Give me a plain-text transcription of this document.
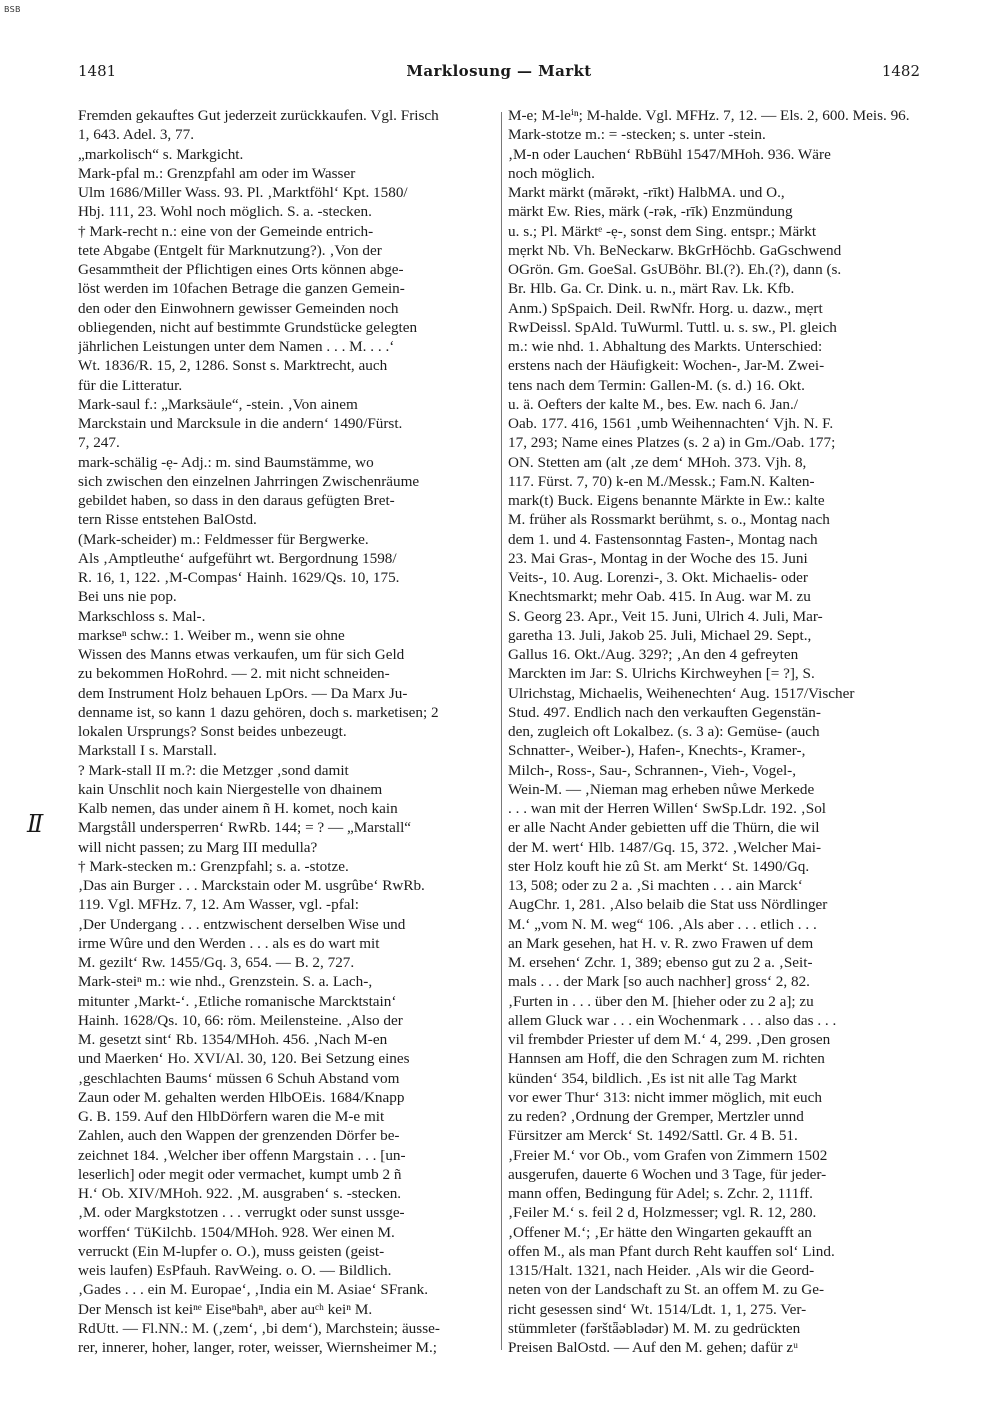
BSB
1481	Marklosung — Markt	1482
Ⅱ
Fremden gekauftes Gut jederzeit zurückkaufen. Vgl. Frisch
1, 643. Adel. 3, 77.
„markolisch“ s. Markgicht.
Mark-pfal m.: Grenzpfahl am oder im Wasser
Ulm 1686/Miller Wass. 93. Pl. ‚Marktföhl‘ Kpt. 1580/
Hbj. 111, 23. Wohl noch möglich. S. a. -stecken.
† Mark-recht n.: eine von der Gemeinde entrich-
tete Abgabe (Entgelt für Marknutzung?). ‚Von der
Gesammtheit der Pflichtigen eines Orts können abge-
löst werden im 10fachen Betrage die ganzen Gemein-
den oder den Einwohnern gewisser Gemeinden noch
obliegenden, nicht auf bestimmte Grundstücke gelegten
jährlichen Leistungen unter dem Namen . . . M. . . .‘
Wt. 1836/R. 15, 2, 1286. Sonst s. Marktrecht, auch
für die Litteratur.
Mark-saul f.: „Marksäule“, -stein. ‚Von ainem
Marckstain und Marcksule in die andern‘ 1490/Fürst.
7, 247.
mark-schälig -ẹ- Adj.: m. sind Baumstämme, wo
sich zwischen den einzelnen Jahrringen Zwischenräume
gebildet haben, so dass in den daraus gefügten Bret-
tern Risse entstehen BalOstd.
(Mark-scheider) m.: Feldmesser für Bergwerke.
Als ‚Amptleuthe‘ aufgeführt wt. Bergordnung 1598/
R. 16, 1, 122. ‚M-Compas‘ Hainh. 1629/Qs. 10, 175.
Bei uns nie pop.
Markschloss s. Mal-.
markseⁿ schw.: 1. Weiber m., wenn sie ohne
Wissen des Manns etwas verkaufen, um für sich Geld
zu bekommen HoRohrd. — 2. mit nicht schneiden-
dem Instrument Holz behauen LpOrs. — Da Marx Ju-
denname ist, so kann 1 dazu gehören, doch s. marketisen; 2
lokalen Ursprungs? Sonst beides unbezeugt.
Markstall I s. Marstall.
? Mark-stall II m.?: die Metzger ‚sond damit
kain Unschlit noch kain Niergestelle von dhainem
Kalb nemen, das under ainem ñ H. komet, noch kain
Margståll undersperren‘ RwRb. 144; = ? — „Marstall“
will nicht passen; zu Marg III medulla?
† Mark-stecken m.: Grenzpfahl; s. a. -stotze.
‚Das ain Burger . . . Marckstain oder M. usgrûbe‘ RwRb.
119. Vgl. MFHz. 7, 12. Am Wasser, vgl. -pfal:
‚Der Undergang . . . entzwischent derselben Wise und
irme Wûre und den Werden . . . als es do wart mit
M. gezilt‘ Rw. 1455/Gq. 3, 654. — B. 2, 727.
Mark-steiⁿ m.: wie nhd., Grenzstein. S. a. Lach-,
mitunter ‚Markt-‘. ‚Etliche romanische Marcktstain‘
Hainh. 1628/Qs. 10, 66: röm. Meilensteine. ‚Also der
M. gesetzt sint‘ Rb. 1354/MHoh. 456. ‚Nach M-en
und Maerken‘ Ho. XVI/Al. 30, 120. Bei Setzung eines
‚geschlachten Baums‘ müssen 6 Schuh Abstand vom
Zaun oder M. gehalten werden HlbOEis. 1684/Knapp
G. B. 159. Auf den HlbDörfern waren die M-e mit
Zahlen, auch den Wappen der grenzenden Dörfer be-
zeichnet 184. ‚Welcher iber offenn Margstain . . . [un-
leserlich] oder megit oder vermachet, kumpt umb 2 ñ
H.‘ Ob. XIV/MHoh. 922. ‚M. ausgraben‘ s. -stecken.
‚M. oder Margkstotzen . . . verrugkt oder sunst ussge-
worffen‘ TüKilchb. 1504/MHoh. 928. Wer einen M.
verruckt (Ein M-lupfer o. O.), muss geisten (geist-
weis laufen) EsPfauh. RavWeing. o. O. — Bildlich.
‚Gades . . . ein M. Europae‘, ‚India ein M. Asiae‘ SFrank.
Der Mensch ist keiⁿᵉ Eiseⁿbahⁿ, aber auᶜʰ keiⁿ M.
RdUtt. — Fl.NN.: M. (‚zem‘, ‚bi dem‘), Marchstein; äusse-
rer, innerer, hoher, langer, roter, weisser, Wiernsheimer M.;
M-e; M-leⁱⁿ; M-halde. Vgl. MFHz. 7, 12. — Els. 2, 600. Meis. 96.
Mark-stotze m.: = -stecken; s. unter -stein.
‚M-n oder Lauchen‘ RbBühl 1547/MHoh. 936. Wäre
noch möglich.
Markt märkt (mărəkt, -rīkt) HalbMA. und O.,
märkt Ew. Ries, märk (-rək, -rīk) Enzmündung
u. s.; Pl. Märktᵉ -ẹ-, sonst dem Sing. entspr.; Märkt
mẹrkt Nb. Vh. BeNeckarw. BkGrHöchb. GaGschwend
OGrön. Gm. GoeSal. GsUBöhr. Bl.(?). Eh.(?), dann (s.
Br. Hlb. Ga. Cr. Dink. u. n., märt Rav. Lk. Kfb.
Anm.) SpSpaich. Deil. RwNfr. Horg. u. dazw., mẹrt
RwDeissl. SpAld. TuWurml. Tuttl. u. s. sw., Pl. gleich
m.: wie nhd. 1. Abhaltung des Markts. Unterschied:
erstens nach der Häufigkeit: Wochen-, Jar-M. Zwei-
tens nach dem Termin: Gallen-M. (s. d.) 16. Okt.
u. ä. Oefters der kalte M., bes. Ew. nach 6. Jan./
Oab. 177. 416, 1561 ‚umb Weihennachten‘ Vjh. N. F.
17, 293; Name eines Platzes (s. 2 a) in Gm./Oab. 177;
ON. Stetten am (alt ‚ze dem‘ MHoh. 373. Vjh. 8,
117. Fürst. 7, 70) k-en M./Messk.; Fam.N. Kalten-
mark(t) Buck. Eigens benannte Märkte in Ew.: kalte
M. früher als Rossmarkt berühmt, s. o., Montag nach
dem 1. und 4. Fastensonntag Fasten-, Montag nach
23. Mai Gras-, Montag in der Woche des 15. Juni
Veits-, 10. Aug. Lorenzi-, 3. Okt. Michaelis- oder
Knechtsmarkt; mehr Oab. 415. In Aug. war M. zu
S. Georg 23. Apr., Veit 15. Juni, Ulrich 4. Juli, Mar-
garetha 13. Juli, Jakob 25. Juli, Michael 29. Sept.,
Gallus 16. Okt./Aug. 329?; ‚An den 4 gefreyten
Marckten im Jar: S. Ulrichs Kirchweyhen [= ?], S.
Ulrichstag, Michaelis, Weihenechten‘ Aug. 1517/Vischer
Stud. 497. Endlich nach den verkauften Gegenstän-
den, zugleich oft Lokalbez. (s. 3 a): Gemüse- (auch
Schnatter-, Weiber-), Hafen-, Knechts-, Kramer-,
Milch-, Ross-, Sau-, Schrannen-, Vieh-, Vogel-,
Wein-M. — ‚Nieman mag erheben nůwe Merkede
. . . wan mit der Herren Willen‘ SwSp.Ldr. 192. ‚Sol
er alle Nacht Ander gebietten uff die Thürn, die wil
der M. wert‘ Hlb. 1487/Gq. 15, 372. ‚Welcher Mai-
ster Holz kouft hie zû St. am Merkt‘ St. 1490/Gq.
13, 508; oder zu 2 a. ‚Si machten . . . ain Marck‘
AugChr. 1, 281. ‚Also belaib die Stat uss Nördlinger
M.‘ „vom N. M. weg“ 106. ‚Als aber . . . etlich . . .
an Mark gesehen, hat H. v. R. zwo Frawen uf dem
M. ersehen‘ Zchr. 1, 389; ebenso gut zu 2 a. ‚Seit-
mals . . . der Mark [so auch nachher] gross‘ 2, 82.
‚Furten in . . . über den M. [hieher oder zu 2 a]; zu
allem Gluck war . . . ein Wochenmark . . . also das . . .
vil frembder Priester uf dem M.‘ 4, 299. ‚Den grosen
Hannsen am Hoff, die den Schragen zum M. richten
künden‘ 354, bildlich. ‚Es ist nit alle Tag Markt
vor ewer Thur‘ 313: nicht immer möglich, mit euch
zu reden? ‚Ordnung der Gremper, Mertzler unnd
Fürsitzer am Merck‘ St. 1492/Sattl. Gr. 4 B. 51.
‚Freier M.‘ vor Ob., vom Grafen von Zimmern 1502
ausgerufen, dauerte 6 Wochen und 3 Tage, für jeder-
mann offen, Bedingung für Adel; s. Zchr. 2, 111ff.
‚Feiler M.‘ s. feil 2 d, Holzmesser; vgl. R. 12, 280.
‚Offener M.‘; ‚Er hätte den Wingarten gekaufft an
offen M., als man Pfant durch Reht kauffen sol‘ Lind.
1315/Halt. 1321, nach Heider. ‚Als wir die Geord-
neten von der Landschaft zu St. an offem M. zu Ge-
richt gesessen sind‘ Wt. 1514/Ldt. 1, 1, 275. Ver-
stümmleter (fərštǟəblədər) M. M. zu gedrückten
Preisen BalOstd. — Auf den M. gehen; dafür zᵘ
